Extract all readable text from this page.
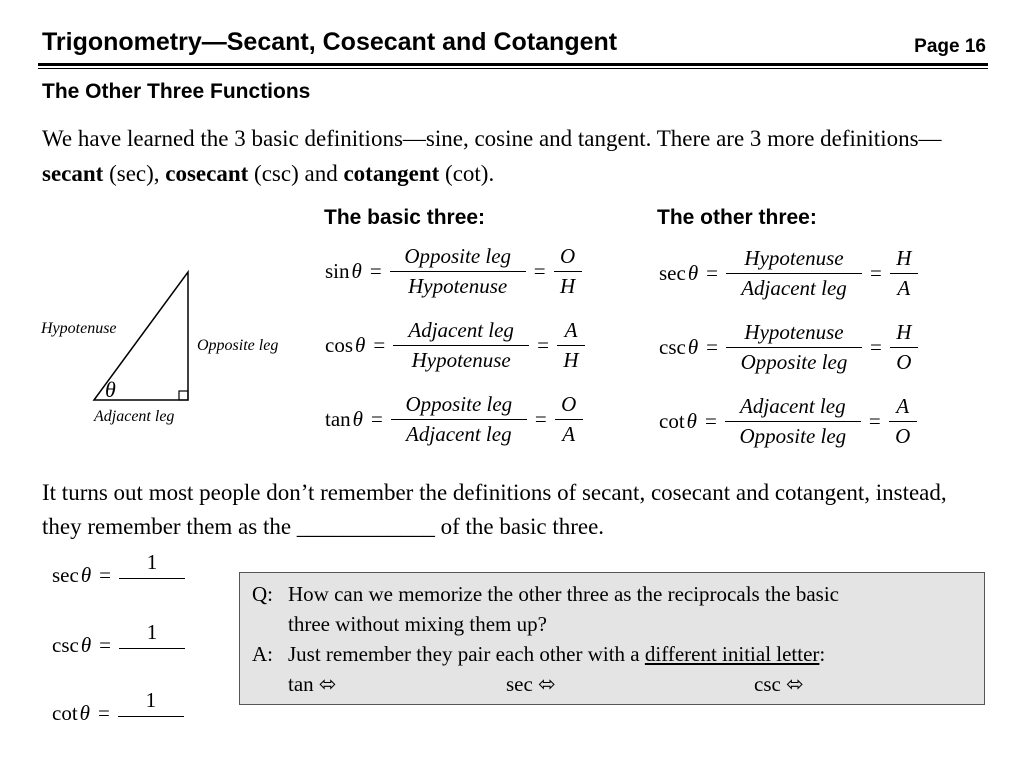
Trigonometry—Secant, Cosecant and Cotangent	Page 16
The Other Three Functions
We have learned the 3 basic definitions—sine, cosine and tangent. There are 3 more definitions—secant (sec), cosecant (csc) and cotangent (cot).
The basic three:	The other three:
Hypotenuse
Opposite leg
Adjacent leg
θ
$\sin \theta = \frac{\text{Opposite leg}}{\text{Hypotenuse}} = \frac{O}{H}$
$\cos \theta = \frac{\text{Adjacent leg}}{\text{Hypotenuse}} = \frac{A}{H}$
$\tan \theta = \frac{\text{Opposite leg}}{\text{Adjacent leg}} = \frac{O}{A}$
$\sec \theta = \frac{\text{Hypotenuse}}{\text{Adjacent leg}} = \frac{H}{A}$
$\csc \theta = \frac{\text{Hypotenuse}}{\text{Opposite leg}} = \frac{H}{O}$
$\cot \theta = \frac{\text{Adjacent leg}}{\text{Opposite leg}} = \frac{A}{O}$
It turns out most people don’t remember the definitions of secant, cosecant and cotangent, instead, they remember them as the ____________ of the basic three.
sec θ =
1
csc θ =
1
cot θ =
1
Q: How can we memorize the other three as the reciprocals the basic
three without mixing them up?
A: Just remember they pair each other with a different initial letter:
tan ⬄	sec ⬄	csc ⬄
